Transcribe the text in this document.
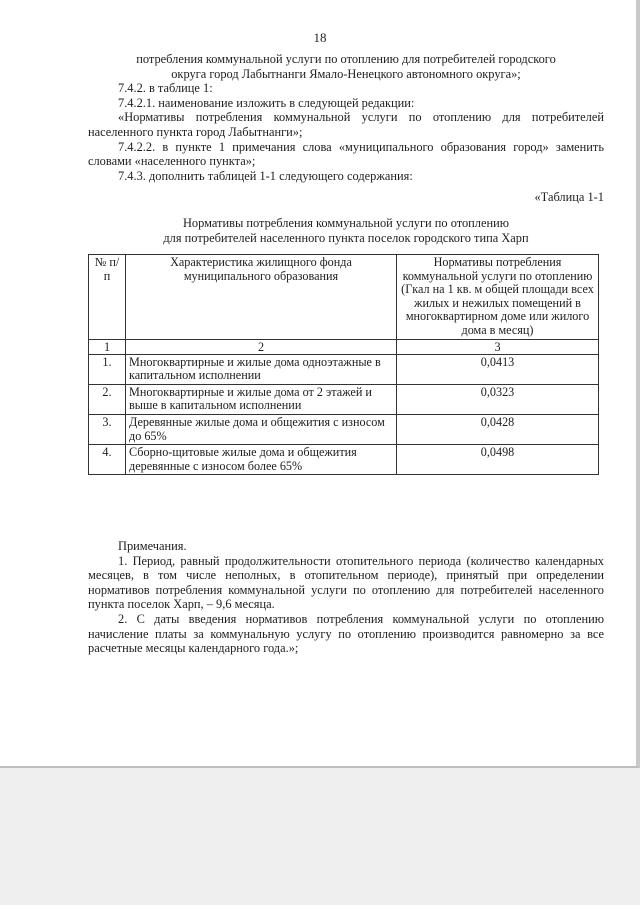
18

потребления коммунальной услуги по отоплению для потребителей городского

округа город Лабытнанги Ямало-Ненецкого автономного округа»;

7.4.2. в таблице 1:

7.4.2.1. наименование изложить в следующей редакции:

«Нормативы потребления коммунальной услуги по отоплению для потребителей населенного пункта город Лабытнанги»;

7.4.2.2. в пункте 1 примечания слова «муниципального образования город» заменить словами «населенного пункта»;

7.4.3. дополнить таблицей 1-1 следующего содержания:

«Таблица 1-1

Нормативы потребления коммунальной услуги по отоплению

для потребителей населенного пункта поселок городского типа Харп

№ п/п	Характеристика жилищного фонда муниципального образования	Нормативы потребления коммунальной услуги по отоплению (Гкал на 1 кв. м общей площади всех жилых и нежилых помещений в многоквартирном доме или жилого дома в месяц)
1	2	3
1.	Многоквартирные и жилые дома одноэтажные в капитальном исполнении	0,0413
2.	Многоквартирные и жилые дома от 2 этажей и выше в капитальном исполнении	0,0323
3.	Деревянные жилые дома и общежития с износом до 65%	0,0428
4.	Сборно-щитовые жилые дома и общежития деревянные с износом более 65%	0,0498

Примечания.

1. Период, равный продолжительности отопительного периода (количество календарных месяцев, в том числе неполных, в отопительном периоде), принятый при определении нормативов потребления коммунальной услуги по отоплению для потребителей населенного пункта поселок Харп, – 9,6 месяца.

2. С даты введения нормативов потребления коммунальной услуги по отоплению начисление платы за коммунальную услугу по отоплению производится равномерно за все расчетные месяцы календарного года.»;
